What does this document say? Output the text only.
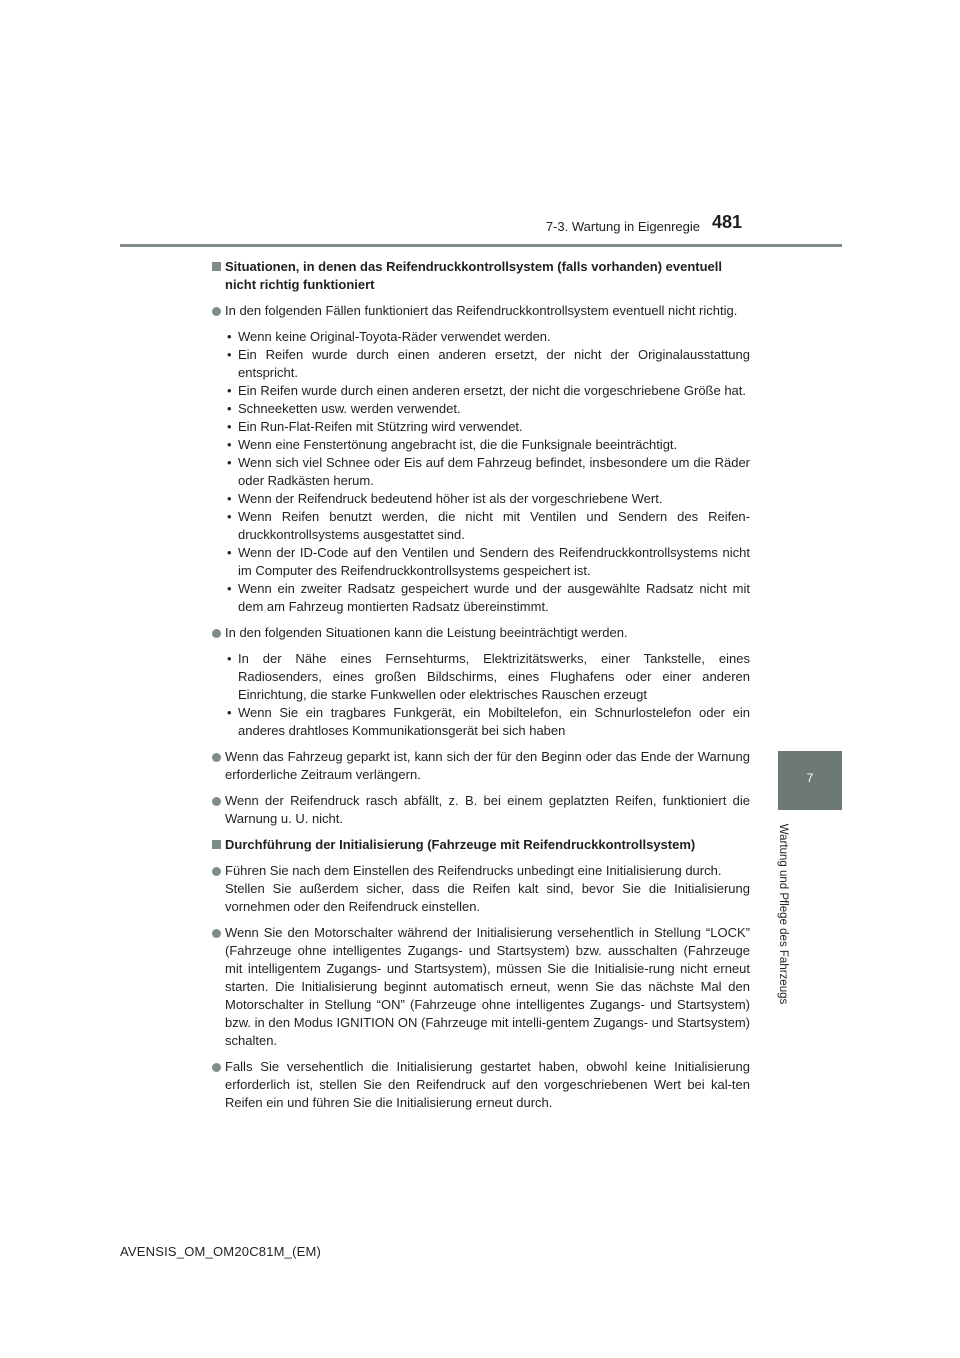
7-3. Wartung in Eigenregie 481
7
Wartung und Pflege des Fahrzeugs
Situationen, in denen das Reifendruckkontrollsystem (falls vorhanden) eventuell nicht richtig funktioniert
In den folgenden Fällen funktioniert das Reifendruckkontrollsystem eventuell nicht richtig.
• Wenn keine Original-Toyota-Räder verwendet werden.
• Ein Reifen wurde durch einen anderen ersetzt, der nicht der Originalausstattung entspricht.
• Ein Reifen wurde durch einen anderen ersetzt, der nicht die vorgeschriebene Größe hat.
• Schneeketten usw. werden verwendet.
• Ein Run-Flat-Reifen mit Stützring wird verwendet.
• Wenn eine Fenstertönung angebracht ist, die die Funksignale beeinträchtigt.
• Wenn sich viel Schnee oder Eis auf dem Fahrzeug befindet, insbesondere um die Räder oder Radkästen herum.
• Wenn der Reifendruck bedeutend höher ist als der vorgeschriebene Wert.
• Wenn Reifen benutzt werden, die nicht mit Ventilen und Sendern des Reifen-druckkontrollsystems ausgestattet sind.
• Wenn der ID-Code auf den Ventilen und Sendern des Reifendruckkontrollsystems nicht im Computer des Reifendruckkontrollsystems gespeichert ist.
• Wenn ein zweiter Radsatz gespeichert wurde und der ausgewählte Radsatz nicht mit dem am Fahrzeug montierten Radsatz übereinstimmt.
In den folgenden Situationen kann die Leistung beeinträchtigt werden.
• In der Nähe eines Fernsehturms, Elektrizitätswerks, einer Tankstelle, eines Radiosenders, eines großen Bildschirms, eines Flughafens oder einer anderen Einrichtung, die starke Funkwellen oder elektrisches Rauschen erzeugt
• Wenn Sie ein tragbares Funkgerät, ein Mobiltelefon, ein Schnurlostelefon oder ein anderes drahtloses Kommunikationsgerät bei sich haben
Wenn das Fahrzeug geparkt ist, kann sich der für den Beginn oder das Ende der Warnung erforderliche Zeitraum verlängern.
Wenn der Reifendruck rasch abfällt, z. B. bei einem geplatzten Reifen, funktioniert die Warnung u. U. nicht.
Durchführung der Initialisierung (Fahrzeuge mit Reifendruckkontrollsystem)

Führen Sie nach dem Einstellen des Reifendrucks unbedingt eine Initialisierung durch.

Stellen Sie außerdem sicher, dass die Reifen kalt sind, bevor Sie die Initialisierung vornehmen oder den Reifendruck einstellen.

Wenn Sie den Motorschalter während der Initialisierung versehentlich in Stellung “LOCK” (Fahrzeuge ohne intelligentes Zugangs- und Startsystem) bzw. ausschalten (Fahrzeuge mit intelligentem Zugangs- und Startsystem), müssen Sie die Initialisie-rung nicht erneut starten. Die Initialisierung beginnt automatisch erneut, wenn Sie das nächste Mal den Motorschalter in Stellung “ON” (Fahrzeuge ohne intelligentes Zugangs- und Startsystem) bzw. in den Modus IGNITION ON (Fahrzeuge mit intelli-gentem Zugangs- und Startsystem) schalten.
Falls Sie versehentlich die Initialisierung gestartet haben, obwohl keine Initialisierung erforderlich ist, stellen Sie den Reifendruck auf den vorgeschriebenen Wert bei kal-ten Reifen ein und führen Sie die Initialisierung erneut durch.
AVENSIS_OM_OM20C81M_(EM)
